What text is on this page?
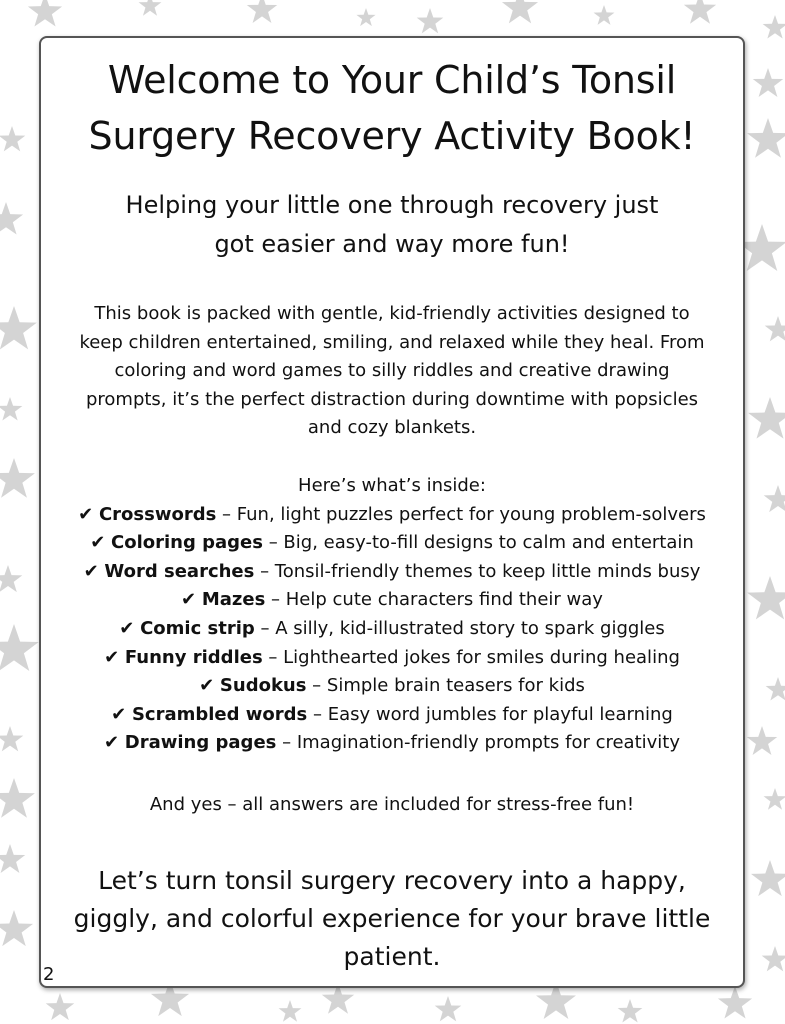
Welcome to Your Child’s Tonsil
Surgery Recovery Activity Book!

Helping your little one through recovery just
got easier and way more fun!

This book is packed with gentle, kid-friendly activities designed to
keep children entertained, smiling, and relaxed while they heal. From
coloring and word games to silly riddles and creative drawing
prompts, it’s the perfect distraction during downtime with popsicles
and cozy blankets.

Here’s what’s inside:
✔ Crosswords – Fun, light puzzles perfect for young problem-solvers
✔ Coloring pages – Big, easy-to-fill designs to calm and entertain
✔ Word searches – Tonsil-friendly themes to keep little minds busy
✔ Mazes – Help cute characters find their way
✔ Comic strip – A silly, kid-illustrated story to spark giggles
✔ Funny riddles – Lighthearted jokes for smiles during healing
✔ Sudokus – Simple brain teasers for kids
✔ Scrambled words – Easy word jumbles for playful learning
✔ Drawing pages – Imagination-friendly prompts for creativity

And yes – all answers are included for stress-free fun!

Let’s turn tonsil surgery recovery into a happy,
giggly, and colorful experience for your brave little
patient.

2
